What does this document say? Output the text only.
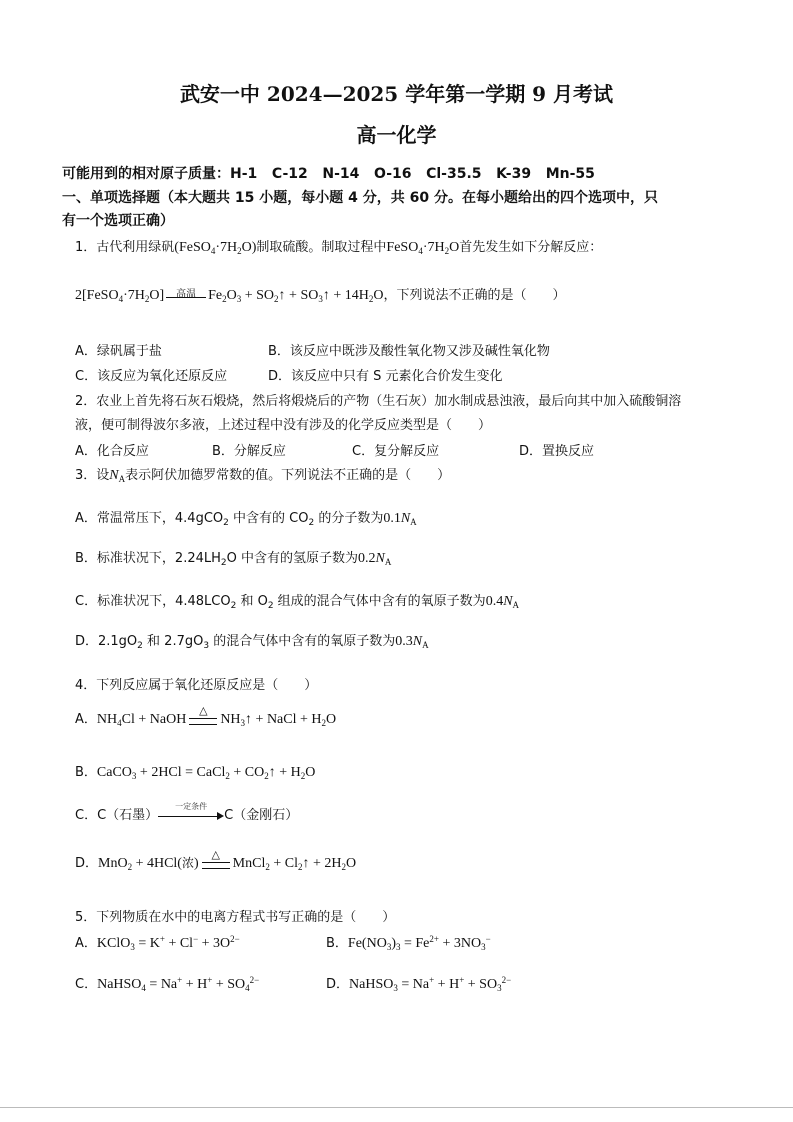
武安一中 2024—2025 学年第一学期 9 月考试
高一化学
可能用到的相对原子质量：H-1   C-12   N-14   O-16   Cl-35.5   K-39   Mn-55
一、单项选择题（本大题共 15 小题，每小题 4 分，共 60 分。在每小题给出的四个选项中，只
有一个选项正确）
1．古代利用绿矾$(FeSO_4\cdot 7H_2O)$制取硫酸。制取过程中$FeSO_4\cdot 7H_2O$首先发生如下分解反应：
$2[FeSO_4\cdot 7H_2O]$	高温 $Fe_2O_3$ + $SO_2↑$ + $SO_3↑ + 14H_2O$，下列说法不正确的是（　　）
A．绿矾属于盐	B．该反应中既涉及酸性氧化物又涉及碱性氧化物
C．该反应为氧化还原反应	D．该反应中只有 S 元素化合价发生变化
2．农业上首先将石灰石煅烧，然后将煅烧后的产物（生石灰）加水制成悬浊液，最后向其中加入硫酸铜溶
液，便可制得波尔多液，上述过程中没有涉及的化学反应类型是（　　）
A．化合反应	B．分解反应	C．复分解反应	D．置换反应
3．设$N_A$表示阿伏加德罗常数的值。下列说法不正确的是（　　）
A．常温常压下，4.4gCO$_2$ 中含有的 $CO_2$ 的分子数为$0.1N_A$
B．标准状况下，$2.24LH_2O$ 中含有的氢原子数为$0.2N_A$
C．标准状况下，$4.48LCO_2$ 和 $O_2$ 组成的混合气体中含有的氧原子数为$0.4N_A$
D．$2.1gO_2$ 和 $2.7gO_3$ 的混合气体中含有的氧原子数为$0.3N_A$
4．下列反应属于氧化还原反应是（　　）
A．$NH_4Cl$ + NaOH
△
$NH_3↑$ + NaCl + $H_2O$
B．CaCO$_3$ + 2HCl = CaCl$_2$ + $CO_2↑ + H_2O$
C．C（石墨）
一定条件
C（金刚石）
D．MnO$_2$ + 4HCl(浓)
△
MnCl$_2$ + $Cl_2↑ + 2H_2O$
5．下列物质在水中的电离方程式书写正确的是（　　）
A．KClO$_3$ = $K^+ + Cl^- + 3O^{2-}$	B．$Fe(NO_3)_3 = Fe^{2+} + 3NO_3^-$
C．NaHSO$_4$ = $Na^+ + H^+ + SO_4^{2-}$	D．NaHSO$_3$ = $Na^+ + H^+ + SO_3^{2-}$
